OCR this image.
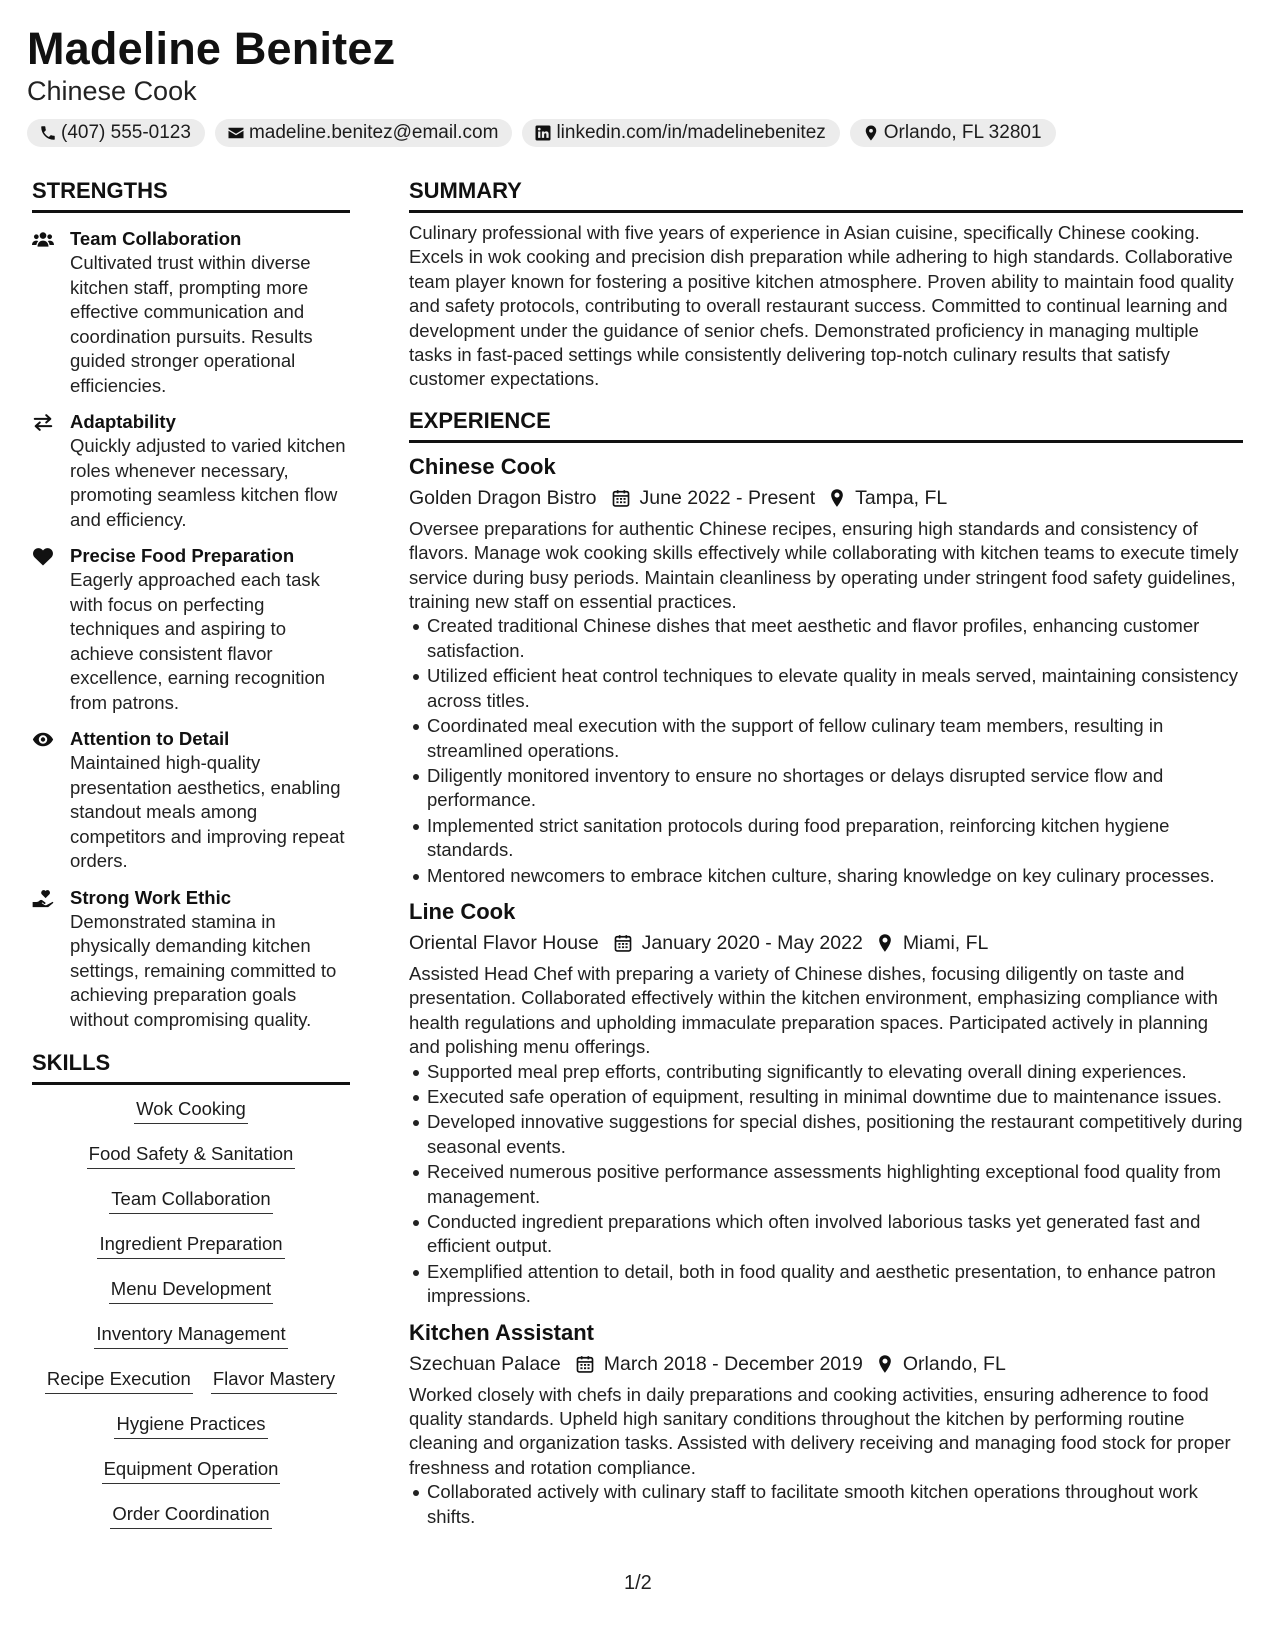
Madeline Benitez
Chinese Cook
(407) 555-0123	madeline.benitez@email.com	linkedin.com/in/madelinebenitez	Orlando, FL 32801
STRENGTHS
Team Collaboration
Cultivated trust within diverse kitchen staff, prompting more effective communication and coordination pursuits. Results guided stronger operational efficiencies.
Adaptability
Quickly adjusted to varied kitchen roles whenever necessary, promoting seamless kitchen flow and efficiency.
Precise Food Preparation
Eagerly approached each task with focus on perfecting techniques and aspiring to achieve consistent flavor excellence, earning recognition from patrons.
Attention to Detail
Maintained high-quality presentation aesthetics, enabling standout meals among competitors and improving repeat orders.
Strong Work Ethic
Demonstrated stamina in physically demanding kitchen settings, remaining committed to achieving preparation goals without compromising quality.
SKILLS
Wok Cooking
Food Safety & Sanitation
Team Collaboration
Ingredient Preparation
Menu Development
Inventory Management
Recipe Execution Flavor Mastery
Hygiene Practices
Equipment Operation
Order Coordination
SUMMARY
Culinary professional with five years of experience in Asian cuisine, specifically Chinese cooking. Excels in wok cooking and precision dish preparation while adhering to high standards. Collaborative team player known for fostering a positive kitchen atmosphere. Proven ability to maintain food quality and safety protocols, contributing to overall restaurant success. Committed to continual learning and development under the guidance of senior chefs. Demonstrated proficiency in managing multiple tasks in fast-paced settings while consistently delivering top-notch culinary results that satisfy customer expectations.
EXPERIENCE
Chinese Cook
Golden Dragon Bistro June 2022 - Present Tampa, FL
Oversee preparations for authentic Chinese recipes, ensuring high standards and consistency of flavors. Manage wok cooking skills effectively while collaborating with kitchen teams to execute timely service during busy periods. Maintain cleanliness by operating under stringent food safety guidelines, training new staff on essential practices.
Created traditional Chinese dishes that meet aesthetic and flavor profiles, enhancing customer satisfaction.
Utilized efficient heat control techniques to elevate quality in meals served, maintaining consistency across titles.
Coordinated meal execution with the support of fellow culinary team members, resulting in streamlined operations.
Diligently monitored inventory to ensure no shortages or delays disrupted service flow and performance.
Implemented strict sanitation protocols during food preparation, reinforcing kitchen hygiene standards.
Mentored newcomers to embrace kitchen culture, sharing knowledge on key culinary processes.
Line Cook
Oriental Flavor House January 2020 - May 2022 Miami, FL
Assisted Head Chef with preparing a variety of Chinese dishes, focusing diligently on taste and presentation. Collaborated effectively within the kitchen environment, emphasizing compliance with health regulations and upholding immaculate preparation spaces. Participated actively in planning and polishing menu offerings.
Supported meal prep efforts, contributing significantly to elevating overall dining experiences.
Executed safe operation of equipment, resulting in minimal downtime due to maintenance issues.
Developed innovative suggestions for special dishes, positioning the restaurant competitively during seasonal events.
Received numerous positive performance assessments highlighting exceptional food quality from management.
Conducted ingredient preparations which often involved laborious tasks yet generated fast and efficient output.
Exemplified attention to detail, both in food quality and aesthetic presentation, to enhance patron impressions.
Kitchen Assistant
Szechuan Palace March 2018 - December 2019 Orlando, FL
Worked closely with chefs in daily preparations and cooking activities, ensuring adherence to food quality standards. Upheld high sanitary conditions throughout the kitchen by performing routine cleaning and organization tasks. Assisted with delivery receiving and managing food stock for proper freshness and rotation compliance.
Collaborated actively with culinary staff to facilitate smooth kitchen operations throughout work shifts.
1/2
